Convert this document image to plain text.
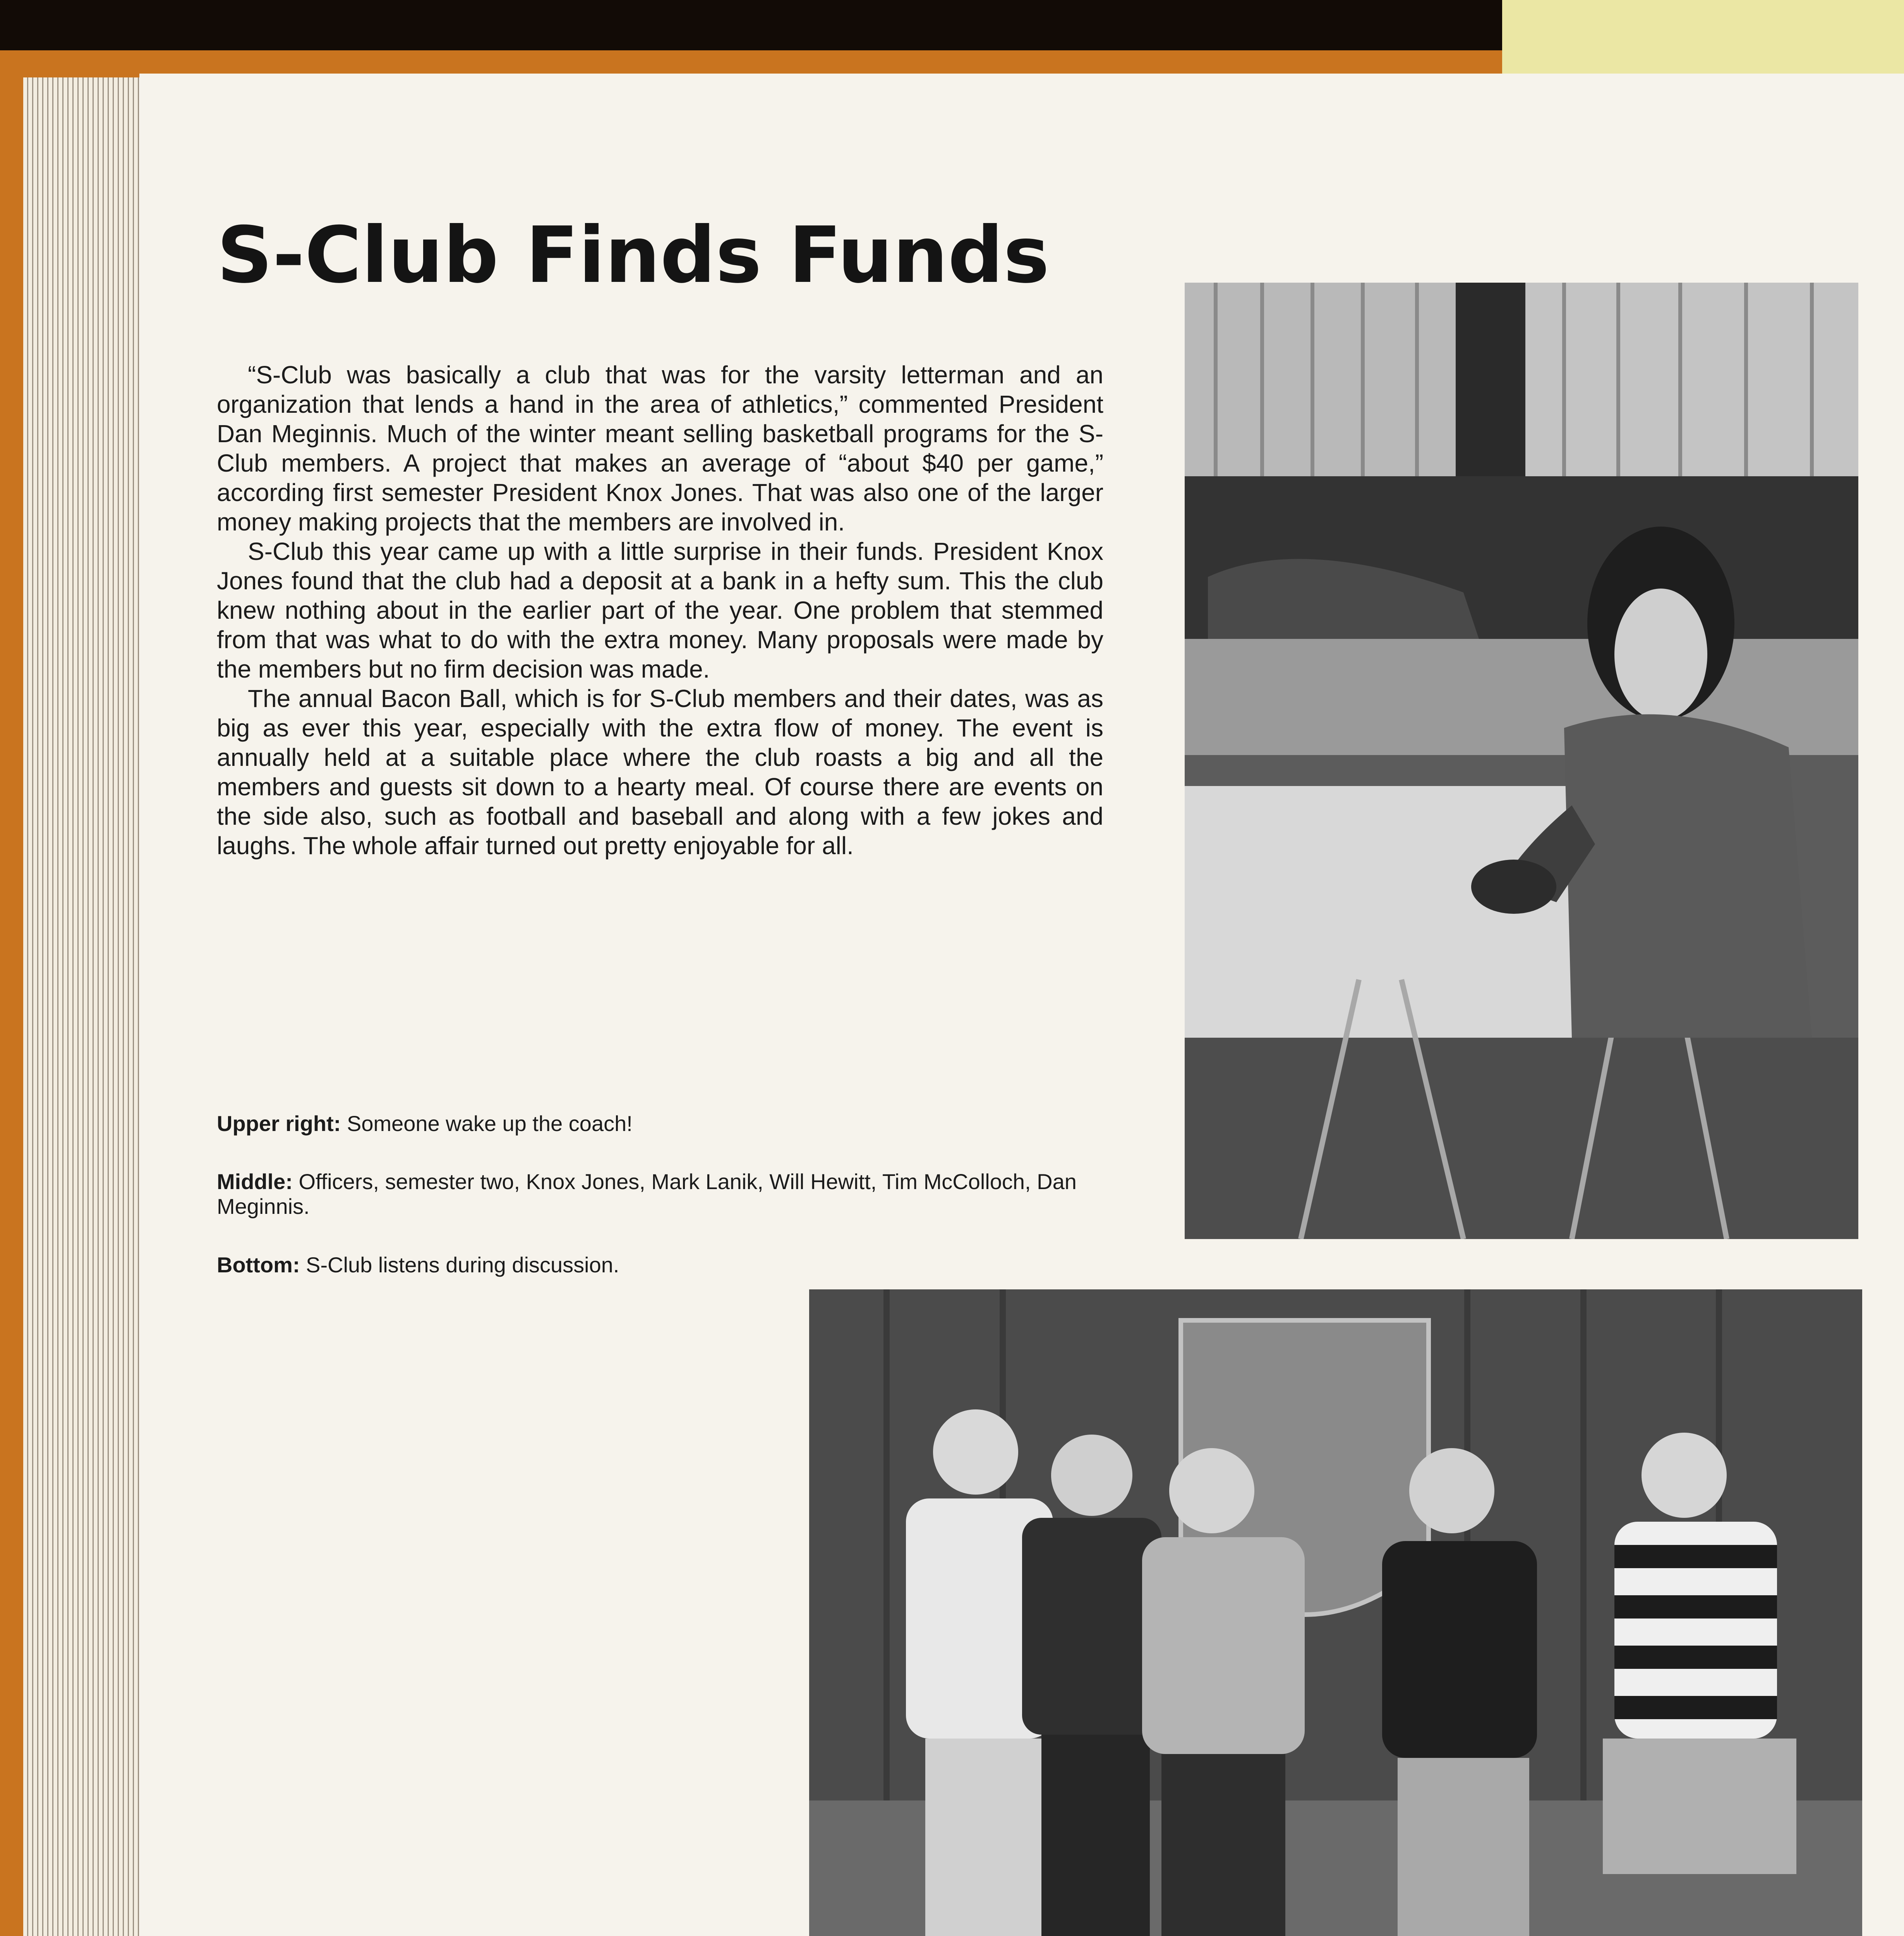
S-Club Finds Funds

“S-Club was basically a club that was for the varsity letterman and an organization that lends a hand in the area of athletics,” commented President Dan Meginnis. Much of the winter meant selling basketball programs for the S-Club members. A project that makes an average of “about $40 per game,” according first semester President Knox Jones. That was also one of the larger money making projects that the members are involved in.

S-Club this year came up with a little surprise in their funds. President Knox Jones found that the club had a deposit at a bank in a hefty sum. This the club knew nothing about in the earlier part of the year. One problem that stemmed from that was what to do with the extra money. Many proposals were made by the members but no firm decision was made.

The annual Bacon Ball, which is for S-Club members and their dates, was as big as ever this year, especially with the extra flow of money. The event is annually held at a suitable place where the club roasts a big and all the members and guests sit down to a hearty meal. Of course there are events on the side also, such as football and baseball and along with a few jokes and laughs. The whole affair turned out pretty enjoyable for all.

Upper right: Someone wake up the coach!
Middle: Officers, semester two, Knox Jones, Mark Lanik, Will Hewitt, Tim McColloch, Dan Meginnis.
Bottom: S-Club listens during discussion.
